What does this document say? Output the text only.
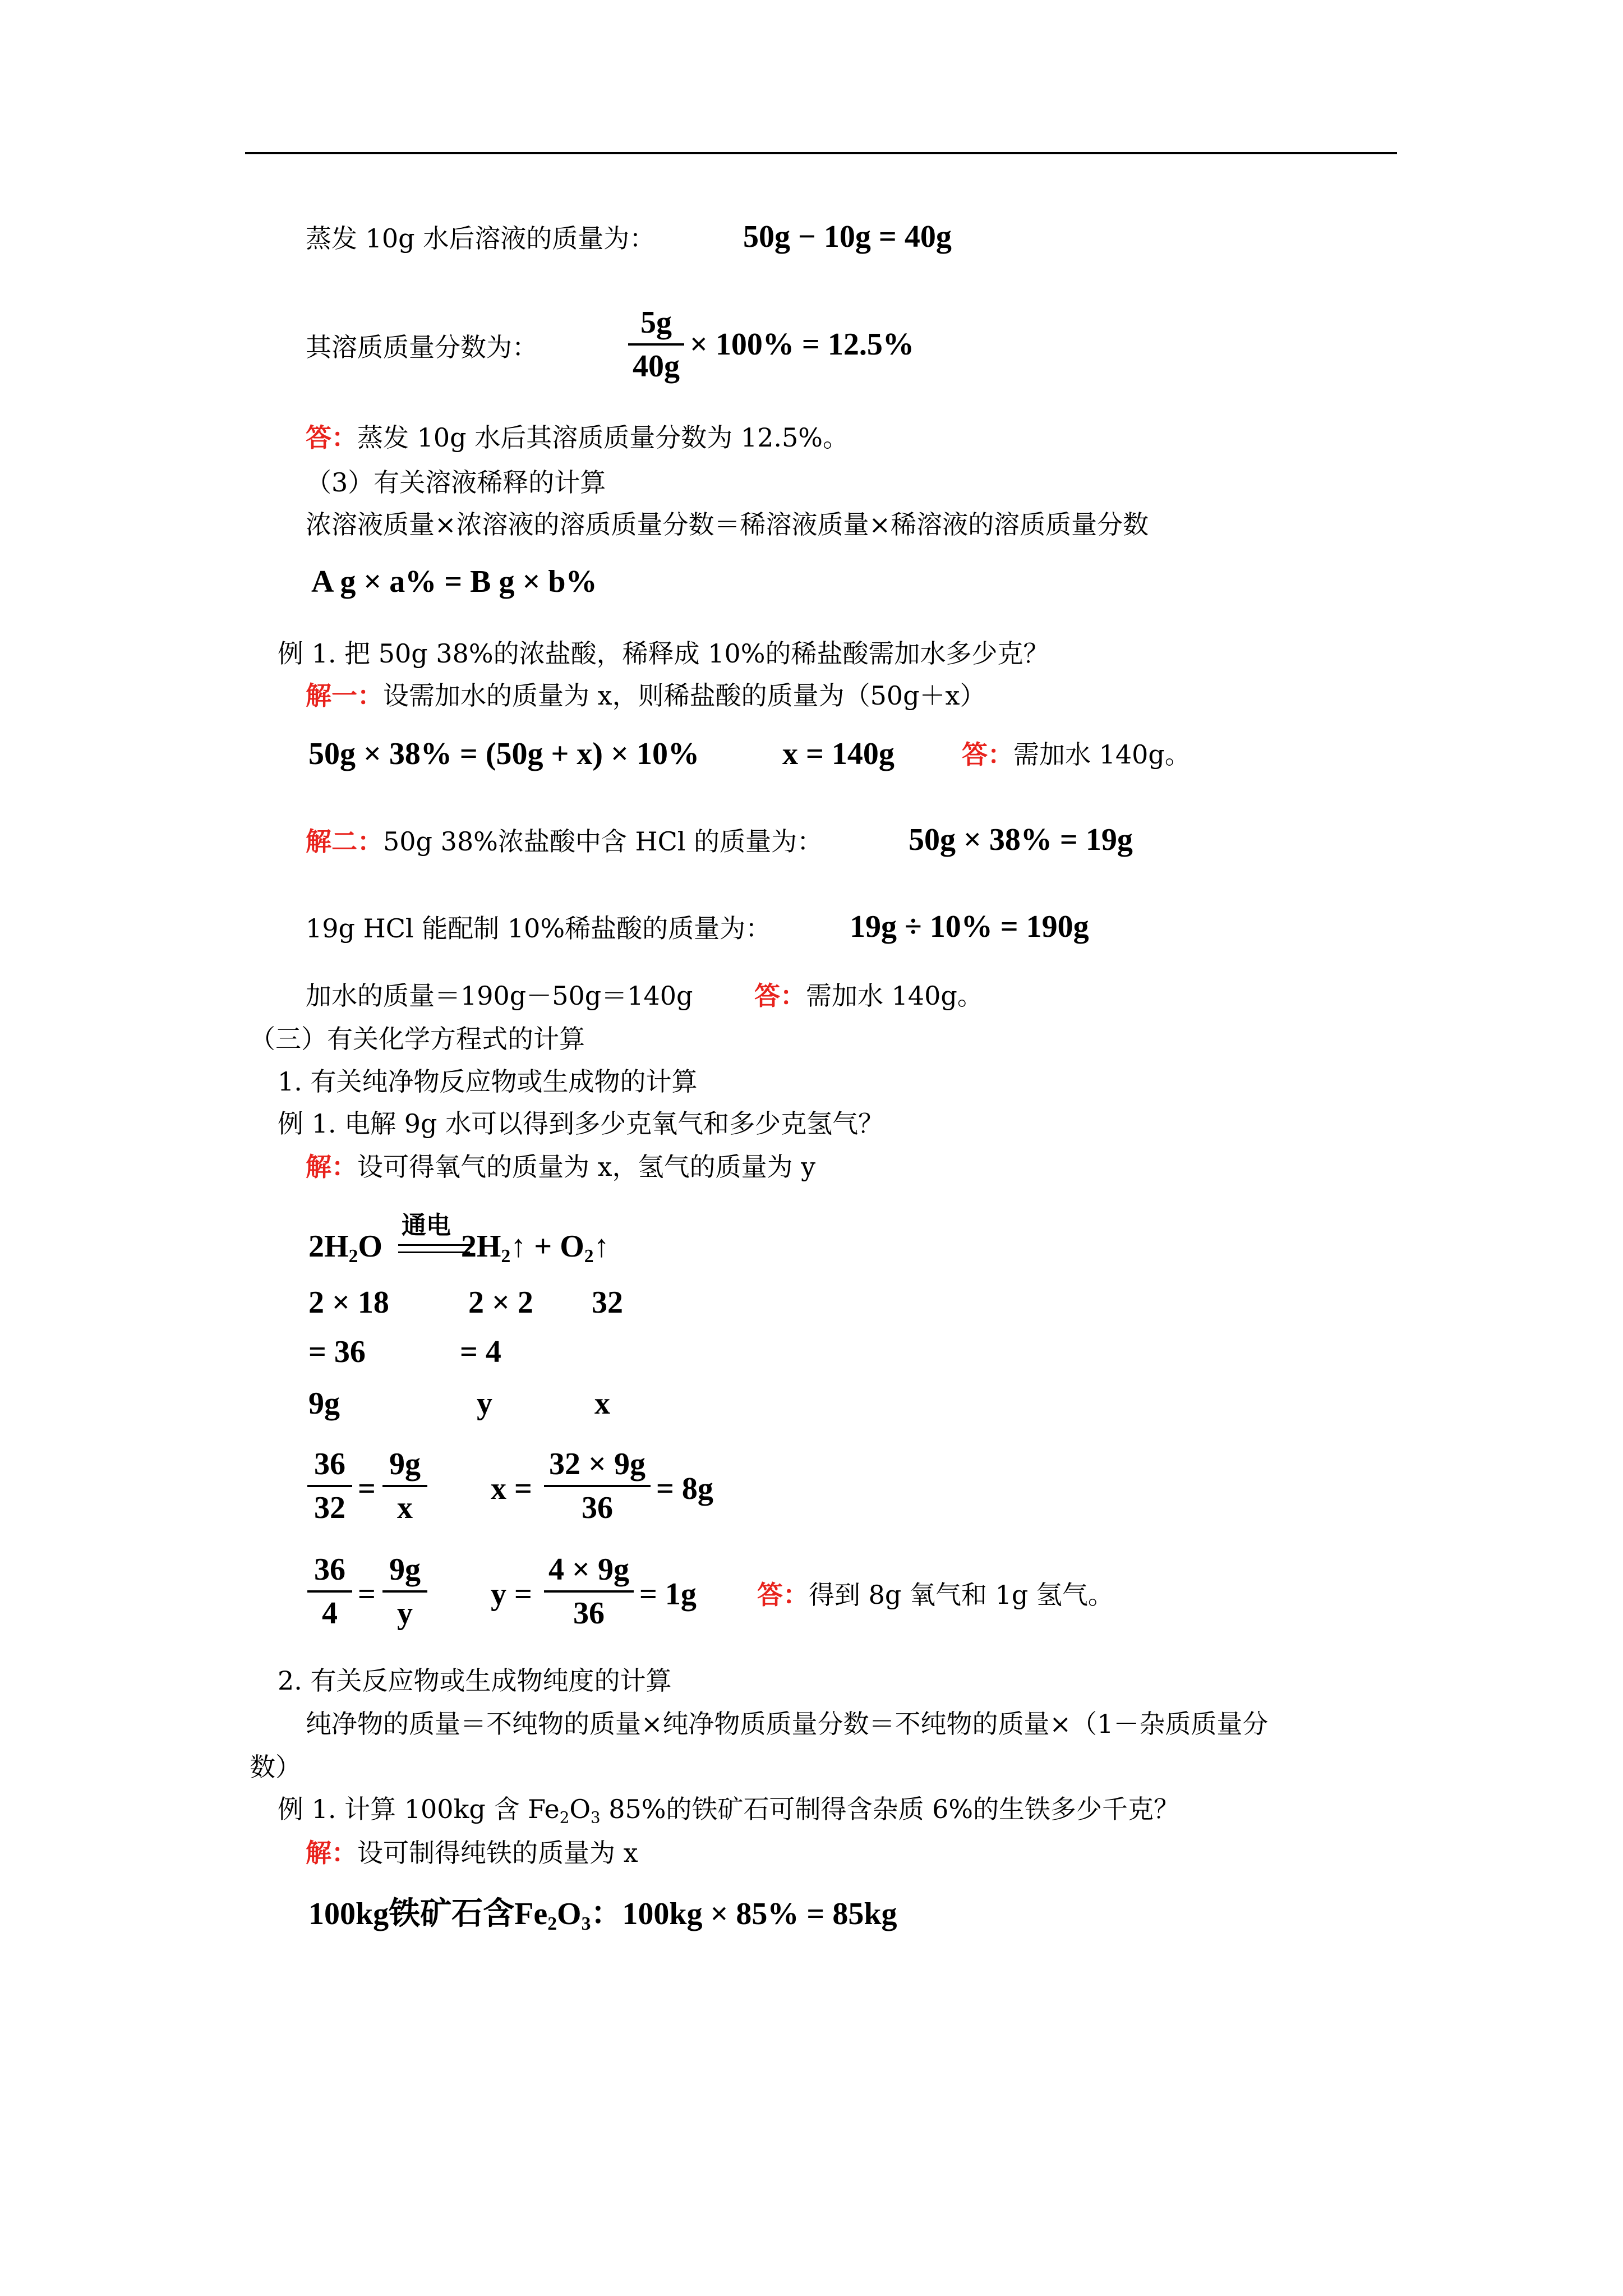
蒸发 10g 水后溶液的质量为：	50g − 10g = 40g
其溶质质量分数为：
5g
40g
× 100% = 12.5%
答：蒸发 10g 水后其溶质质量分数为 12.5%。
（3）有关溶液稀释的计算
浓溶液质量×浓溶液的溶质质量分数＝稀溶液质量×稀溶液的溶质质量分数
A g × a% = B g × b%
例 1. 把 50g 38%的浓盐酸，稀释成 10%的稀盐酸需加水多少克？
解一：设需加水的质量为 x，则稀盐酸的质量为（50g＋x）
50g × 38% = (50g + x) × 10%	x = 140g	答：需加水 140g。
解二：50g 38%浓盐酸中含 HCl 的质量为：	50g × 38% = 19g
19g HCl 能配制 10%稀盐酸的质量为： 19g ÷ 10% = 190g
加水的质量＝190g－50g＝140g 答：需加水 140g。
（三）有关化学方程式的计算
1. 有关纯净物反应物或生成物的计算
例 1. 电解 9g 水可以得到多少克氧气和多少克氢气？
解：设可得氧气的质量为 x，氢气的质量为 y
$2H_2O$	$2H_2↑$ + $O_2↑$
通电
2 × 18	2 × 2 32
= 36	= 4
9g	y	x
36
32
=
9g
x
x =
32 × 9g
36
= 8g
36
4
=
9g
y
y =
4 × 9g
36
= 1g 答：得到 8g 氧气和 1g 氢气。
2. 有关反应物或生成物纯度的计算
纯净物的质量＝不纯物的质量×纯净物质质量分数＝不纯物的质量×（1－杂质质量分
数）
例 1. 计算 100kg 含 $Fe_2O_3$ 85%的铁矿石可制得含杂质 6%的生铁多少千克？
解：设可制得纯铁的质量为 x
100kg铁矿石含$Fe_2O_3$：100kg × 85% = 85kg
